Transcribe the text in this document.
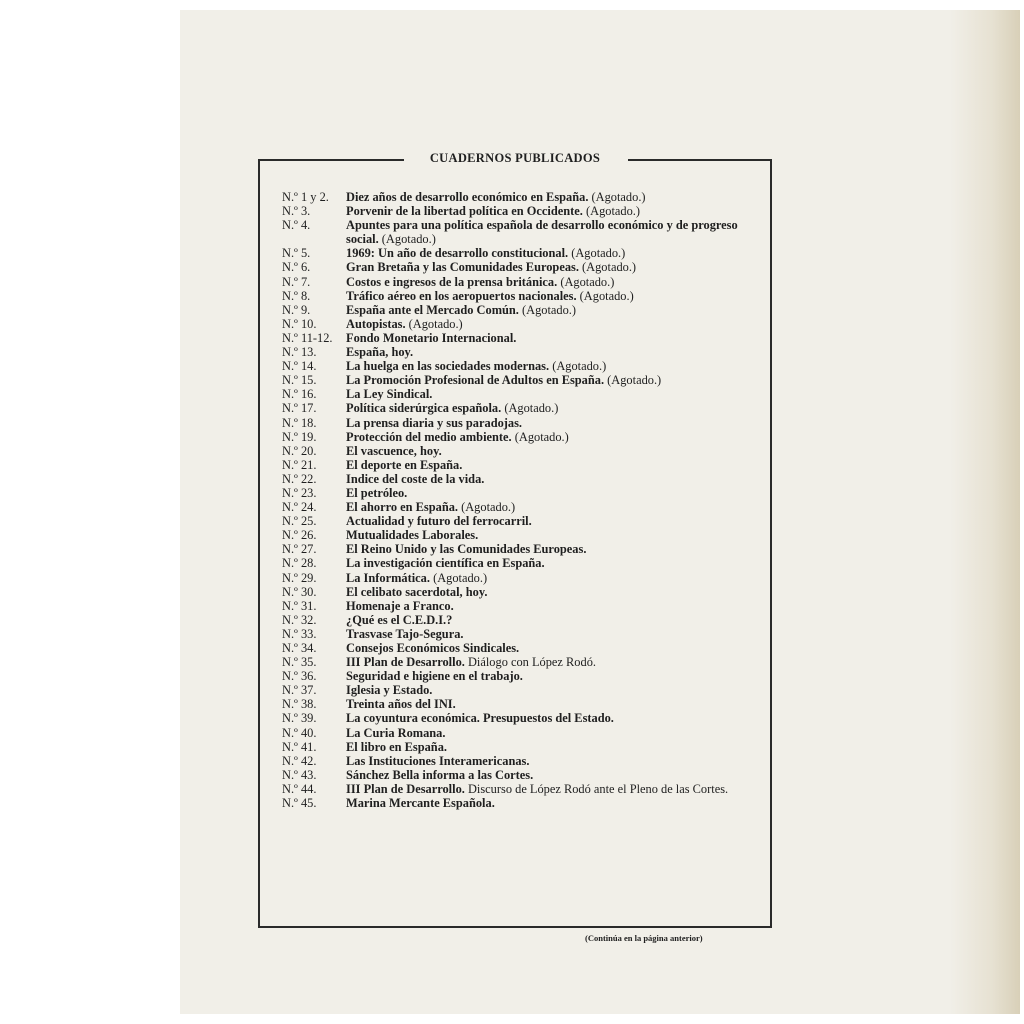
CUADERNOS PUBLICADOS
N.º 1 y 2.	Diez años de desarrollo económico en España. (Agotado.)
N.º 3.	Porvenir de la libertad política en Occidente. (Agotado.)
N.º 4.	Apuntes para una política española de desarrollo económico y de progreso social. (Agotado.)
N.º 5.	1969: Un año de desarrollo constitucional. (Agotado.)
N.º 6.	Gran Bretaña y las Comunidades Europeas. (Agotado.)
N.º 7.	Costos e ingresos de la prensa británica. (Agotado.)
N.º 8.	Tráfico aéreo en los aeropuertos nacionales. (Agotado.)
N.º 9.	España ante el Mercado Común. (Agotado.)
N.º 10.	Autopistas. (Agotado.)
N.º 11-12.	Fondo Monetario Internacional.
N.º 13.	España, hoy.
N.º 14.	La huelga en las sociedades modernas. (Agotado.)
N.º 15.	La Promoción Profesional de Adultos en España. (Agotado.)
N.º 16.	La Ley Sindical.
N.º 17.	Política siderúrgica española. (Agotado.)
N.º 18.	La prensa diaria y sus paradojas.
N.º 19.	Protección del medio ambiente. (Agotado.)
N.º 20.	El vascuence, hoy.
N.º 21.	El deporte en España.
N.º 22.	Indice del coste de la vida.
N.º 23.	El petróleo.
N.º 24.	El ahorro en España. (Agotado.)
N.º 25.	Actualidad y futuro del ferrocarril.
N.º 26.	Mutualidades Laborales.
N.º 27.	El Reino Unido y las Comunidades Europeas.
N.º 28.	La investigación científica en España.
N.º 29.	La Informática. (Agotado.)
N.º 30.	El celibato sacerdotal, hoy.
N.º 31.	Homenaje a Franco.
N.º 32.	¿Qué es el C.E.D.I.?
N.º 33.	Trasvase Tajo-Segura.
N.º 34.	Consejos Económicos Sindicales.
N.º 35.	III Plan de Desarrollo. Diálogo con López Rodó.
N.º 36.	Seguridad e higiene en el trabajo.
N.º 37.	Iglesia y Estado.
N.º 38.	Treinta años del INI.
N.º 39.	La coyuntura económica. Presupuestos del Estado.
N.º 40.	La Curia Romana.
N.º 41.	El libro en España.
N.º 42.	Las Instituciones Interamericanas.
N.º 43.	Sánchez Bella informa a las Cortes.
N.º 44.	III Plan de Desarrollo. Discurso de López Rodó ante el Pleno de las Cortes.
N.º 45.	Marina Mercante Española.
(Continúa en la página anterior)
